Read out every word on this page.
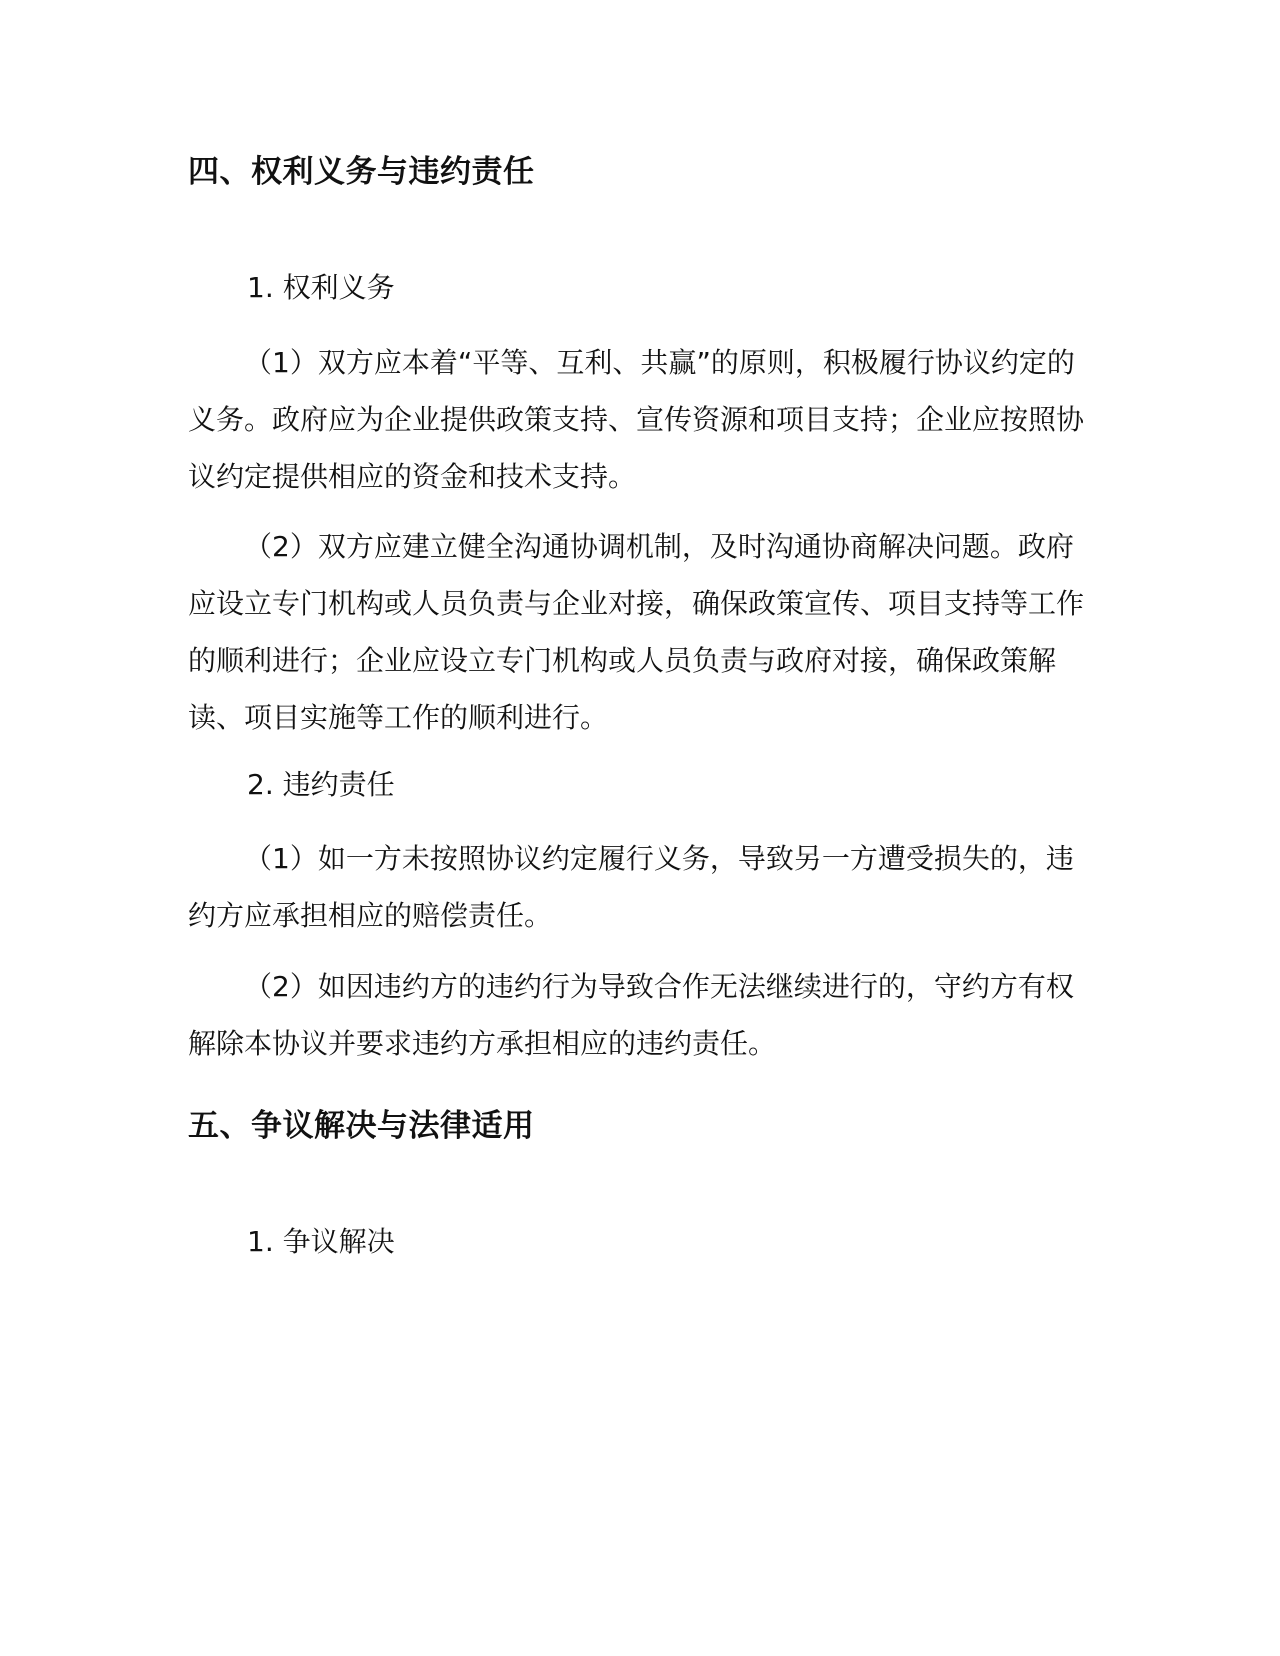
四、权利义务与违约责任
1. 权利义务
（1）双方应本着“平等、互利、共赢”的原则，积极履行协议约定的义务。政府应为企业提供政策支持、宣传资源和项目支持；企业应按照协议约定提供相应的资金和技术支持。
（2）双方应建立健全沟通协调机制，及时沟通协商解决问题。政府应设立专门机构或人员负责与企业对接，确保政策宣传、项目支持等工作的顺利进行；企业应设立专门机构或人员负责与政府对接，确保政策解读、项目实施等工作的顺利进行。
2. 违约责任
（1）如一方未按照协议约定履行义务，导致另一方遭受损失的，违约方应承担相应的赔偿责任。
（2）如因违约方的违约行为导致合作无法继续进行的，守约方有权解除本协议并要求违约方承担相应的违约责任。
五、争议解决与法律适用
1. 争议解决
